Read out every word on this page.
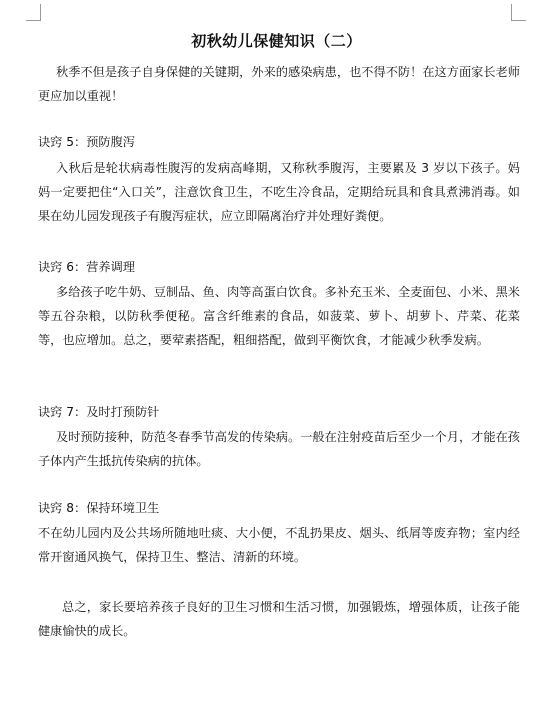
初秋幼儿保健知识（二）
秋季不但是孩子自身保健的关键期，外来的感染病患，也不得不防！在这方面家长老师更应加以重视！
诀窍 5：预防腹泻
入秋后是轮状病毒性腹泻的发病高峰期，又称秋季腹泻，主要累及 3 岁以下孩子。妈妈一定要把住“入口关”，注意饮食卫生，不吃生冷食品，定期给玩具和食具煮沸消毒。如果在幼儿园发现孩子有腹泻症状，应立即隔离治疗并处理好粪便。
诀窍 6：营养调理
多给孩子吃牛奶、豆制品、鱼、肉等高蛋白饮食。多补充玉米、全麦面包、小米、黑米等五谷杂粮，以防秋季便秘。富含纤维素的食品，如菠菜、萝卜、胡萝卜、芹菜、花菜等，也应增加。总之，要荤素搭配，粗细搭配，做到平衡饮食，才能减少秋季发病。
诀窍 7：及时打预防针
及时预防接种，防范冬春季节高发的传染病。一般在注射疫苗后至少一个月，才能在孩子体内产生抵抗传染病的抗体。
诀窍 8：保持环境卫生
不在幼儿园内及公共场所随地吐痰、大小便，不乱扔果皮、烟头、纸屑等废弃物；室内经常开窗通风换气，保持卫生、整洁、清新的环境。
总之，家长要培养孩子良好的卫生习惯和生活习惯，加强锻炼，增强体质，让孩子能健康愉快的成长。
